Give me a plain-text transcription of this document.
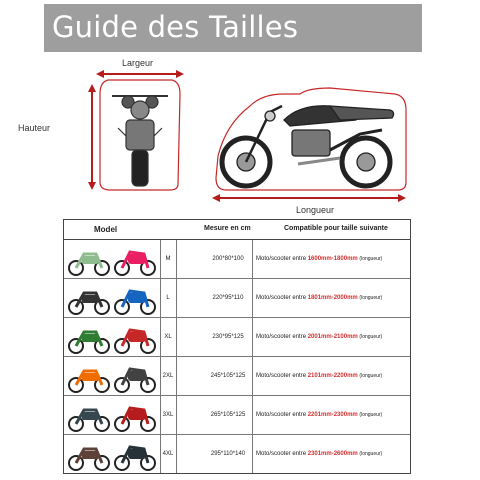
Guide des Tailles
Largeur
Hauteur
Longueur
Model	Mesure en cm	Compatible pour taille suivante
M	200*80*100	Moto/scooter entre 1600mm-1800mm (longueur)
L	220*95*110	Moto/scooter entre 1801mm-2000mm (longueur)
XL	230*95*125	Moto/scooter entre 2001mm-2100mm (longueur)
2XL	245*105*125	Moto/scooter entre 2101mm-2200mm (longueur)
3XL	265*105*125	Moto/scooter entre 2201mm-2300mm (longueur)
4XL	295*110*140	Moto/scooter entre 2301mm-2600mm (longueur)
